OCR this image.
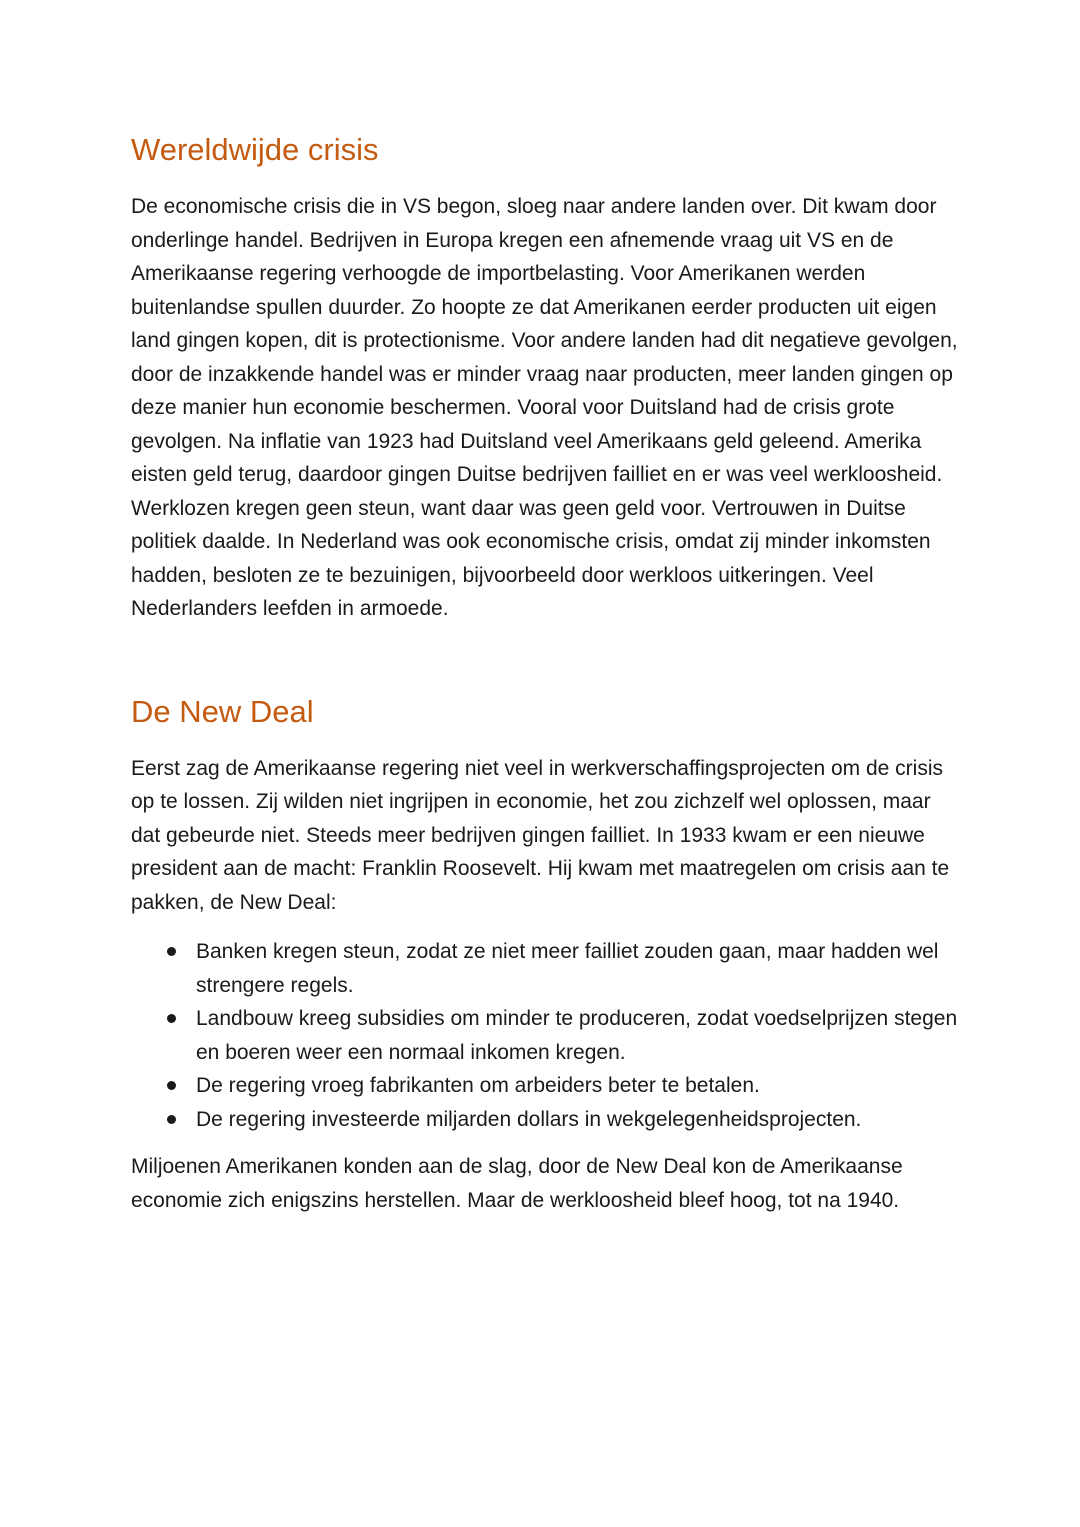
Wereldwijde crisis

De economische crisis die in VS begon, sloeg naar andere landen over. Dit kwam door onderlinge handel. Bedrijven in Europa kregen een afnemende vraag uit VS en de Amerikaanse regering verhoogde de importbelasting. Voor Amerikanen werden buitenlandse spullen duurder. Zo hoopte ze dat Amerikanen eerder producten uit eigen land gingen kopen, dit is protectionisme. Voor andere landen had dit negatieve gevolgen, door de inzakkende handel was er minder vraag naar producten, meer landen gingen op deze manier hun economie beschermen. Vooral voor Duitsland had de crisis grote gevolgen. Na inflatie van 1923 had Duitsland veel Amerikaans geld geleend. Amerika eisten geld terug, daardoor gingen Duitse bedrijven failliet en er was veel werkloosheid. Werklozen kregen geen steun, want daar was geen geld voor. Vertrouwen in Duitse politiek daalde. In Nederland was ook economische crisis, omdat zij minder inkomsten hadden, besloten ze te bezuinigen, bijvoorbeeld door werkloos uitkeringen. Veel Nederlanders leefden in armoede.

De New Deal

Eerst zag de Amerikaanse regering niet veel in werkverschaffingsprojecten om de crisis op te lossen. Zij wilden niet ingrijpen in economie, het zou zichzelf wel oplossen, maar dat gebeurde niet. Steeds meer bedrijven gingen failliet. In 1933 kwam er een nieuwe president aan de macht: Franklin Roosevelt. Hij kwam met maatregelen om crisis aan te pakken, de New Deal:

Banken kregen steun, zodat ze niet meer failliet zouden gaan, maar hadden wel strengere regels.
Landbouw kreeg subsidies om minder te produceren, zodat voedselprijzen stegen en boeren weer een normaal inkomen kregen.
De regering vroeg fabrikanten om arbeiders beter te betalen.
De regering investeerde miljarden dollars in wekgelegenheidsprojecten.

Miljoenen Amerikanen konden aan de slag, door de New Deal kon de Amerikaanse economie zich enigszins herstellen. Maar de werkloosheid bleef hoog, tot na 1940.
